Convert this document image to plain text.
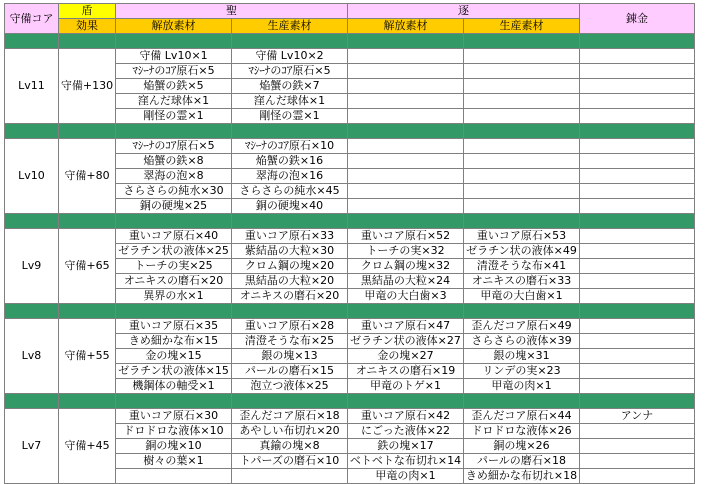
守備コア	盾	聖		逐		錬金
	効果	解放素材	生産素材	解放素材	生産素材	

Lv11	守備+130	守備 Lv10×1	守備 Lv10×2			
		ﾏｼｰﾅのｺｱ原石×5	ﾏｼｰﾅのｺｱ原石×5			
		焔蟹の鉄×5	焔蟹の鉄×7			
		窪んだ球体×1	窪んだ球体×1			
		剛怪の霊×1	剛怪の霊×1			

Lv10	守備+80	ﾏｼｰﾅのｺｱ原石×5	ﾏｼｰﾅのｺｱ原石×10			
		焔蟹の鉄×8	焔蟹の鉄×16			
		翠海の泡×8	翠海の泡×16			
		さらさらの純水×30	さらさらの純水×45			
		銅の硬塊×25	銅の硬塊×40			

Lv9	守備+65	重いコア原石×40	重いコア原石×33	重いコア原石×52	重いコア原石×53	
		ゼラチン状の液体×25	紫結晶の大粒×30	トーチの実×32	ゼラチン状の液体×49	
		トーチの実×25	クロム鋼の塊×20	クロム鋼の塊×32	清澄そうな布×41	
		オニキスの磨石×20	黒結晶の大粒×20	黒結晶の大粒×24	オニキスの磨石×33	
		異界の水×1	オニキスの磨石×20	甲竜の大白歯×3	甲竜の大白歯×1	

Lv8	守備+55	重いコア原石×35	重いコア原石×28	重いコア原石×47	歪んだコア原石×49	
		きめ細かな布×15	清澄そうな布×25	ゼラチン状の液体×27	さらさらの液体×39	
		金の塊×15	銀の塊×13	金の塊×27	銀の塊×31	
		ゼラチン状の液体×15	パールの磨石×15	オニキスの磨石×19	リンデの実×23	
		機鋼体の軸受×1	泡立つ液体×25	甲竜のトゲ×1	甲竜の肉×1	

Lv7	守備+45	重いコア原石×30	歪んだコア原石×18	重いコア原石×42	歪んだコア原石×44	アンナ
		ドロドロな液体×10	あやしい布切れ×20	にごった液体×22	ドロドロな液体×26	
		銅の塊×10	真鍮の塊×8	鉄の塊×17	銅の塊×26	
		樹々の葉×1	トパーズの磨石×10	ベトベトな布切れ×14	パールの磨石×18	
				甲竜の肉×1	きめ細かな布切れ×18	
